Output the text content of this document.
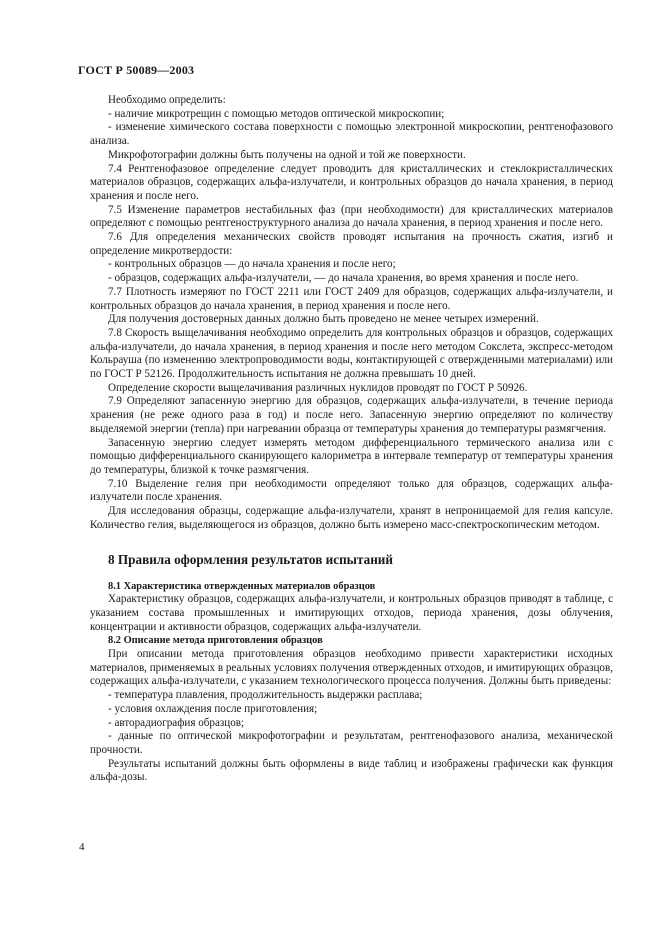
ГОСТ Р 50089—2003

Необходимо определить:

- наличие микротрещин с помощью методов оптической микроскопии;

- изменение химического состава поверхности с помощью электронной микроскопии, рентгенофазового анализа.

Микрофотографии должны быть получены на одной и той же поверхности.

7.4 Рентгенофазовое определение следует проводить для кристаллических и стеклокристаллических материалов образцов, содержащих альфа-излучатели, и контрольных образцов до начала хранения, в период хранения и после него.

7.5 Изменение параметров нестабильных фаз (при необходимости) для кристаллических материалов определяют с помощью рентгеноструктурного анализа до начала хранения, в период хранения и после него.

7.6 Для определения механических свойств проводят испытания на прочность сжатия, изгиб и определение микротвердости:

- контрольных образцов — до начала хранения и после него;

- образцов, содержащих альфа-излучатели, — до начала хранения, во время хранения и после него.

7.7 Плотность измеряют по ГОСТ 2211 или ГОСТ 2409 для образцов, содержащих альфа-излучатели, и контрольных образцов до начала хранения, в период хранения и после него.

Для получения достоверных данных должно быть проведено не менее четырех измерений.

7.8 Скорость выщелачивания необходимо определить для контрольных образцов и образцов, содержащих альфа-излучатели, до начала хранения, в период хранения и после него методом Сокслета, экспресс-методом Кольрауша (по изменению электропроводимости воды, контактирующей с отвержденными материалами) или по ГОСТ Р 52126. Продолжительность испытания не должна превышать 10 дней.

Определение скорости выщелачивания различных нуклидов проводят по ГОСТ Р 50926.

7.9 Определяют запасенную энергию для образцов, содержащих альфа-излучатели, в течение периода хранения (не реже одного раза в год) и после него. Запасенную энергию определяют по количеству выделяемой энергии (тепла) при нагревании образца от температуры хранения до температуры размягчения.

Запасенную энергию следует измерять методом дифференциального термического анализа или с помощью дифференциального сканирующего калориметра в интервале температур от температуры хранения до температуры, близкой к точке размягчения.

7.10 Выделение гелия при необходимости определяют только для образцов, содержащих альфа-излучатели после хранения.

Для исследования образцы, содержащие альфа-излучатели, хранят в непроницаемой для гелия капсуле. Количество гелия, выделяющегося из образцов, должно быть измерено масс-спектроскопическим методом.

8 Правила оформления результатов испытаний
8.1 Характеристика отвержденных материалов образцов

Характеристику образцов, содержащих альфа-излучатели, и контрольных образцов приводят в таблице, с указанием состава промышленных и имитирующих отходов, периода хранения, дозы облучения, концентрации и активности образцов, содержащих альфа-излучатели.

8.2 Описание метода приготовления образцов

При описании метода приготовления образцов необходимо привести характеристики исходных материалов, применяемых в реальных условиях получения отвержденных отходов, и имитирующих образцов, содержащих альфа-излучатели, с указанием технологического процесса получения. Должны быть приведены:

- температура плавления, продолжительность выдержки расплава;

- условия охлаждения после приготовления;

- авторадиография образцов;

- данные по оптической микрофотографии и результатам, рентгенофазового анализа, механической прочности.

Результаты испытаний должны быть оформлены в виде таблиц и изображены графически как функция альфа-дозы.

4
